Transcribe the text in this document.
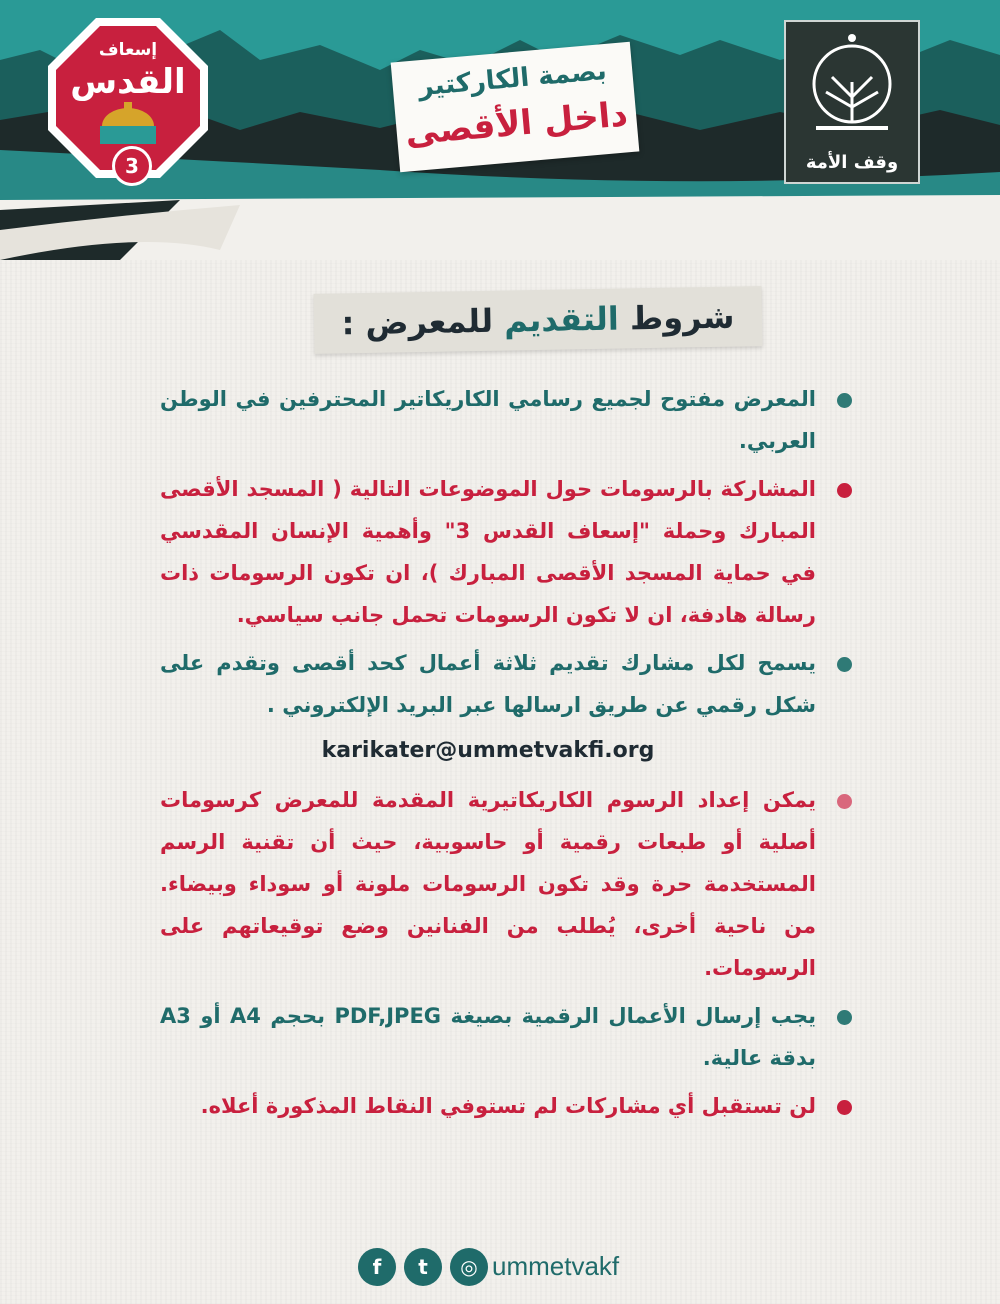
إسعاف
القدس
3
بصمة الكاركتير
داخل الأقصى
وقف الأمة
شروط التقديم للمعرض :
المعرض مفتوح لجميع رسامي الكاريكاتير المحترفين في الوطن العربي.
المشاركة بالرسومات حول الموضوعات التالية ( المسجد الأقصى المبارك وحملة "إسعاف القدس 3" وأهمية الإنسان المقدسي في حماية المسجد الأقصى المبارك )، ان تكون الرسومات ذات رسالة هادفة، ان لا تكون الرسومات تحمل جانب سياسي.
يسمح لكل مشارك تقديم ثلاثة أعمال كحد أقصى وتقدم على شكل رقمي عن طريق ارسالها عبر البريد الإلكتروني .
karikater@ummetvakfi.org
يمكن إعداد الرسوم الكاريكاتيرية المقدمة للمعرض كرسومات أصلية أو طبعات رقمية أو حاسوبية، حيث أن تقنية الرسم المستخدمة حرة وقد تكون الرسومات ملونة أو سوداء وبيضاء. من ناحية أخرى، يُطلب من الفنانين وضع توقيعاتهم على الرسومات.
يجب إرسال الأعمال الرقمية بصيغة PDF,JPEG بحجم A4 أو A3 بدقة عالية.
لن تستقبل أي مشاركات لم تستوفي النقاط المذكورة أعلاه.
f	t	◎ ummetvakf
